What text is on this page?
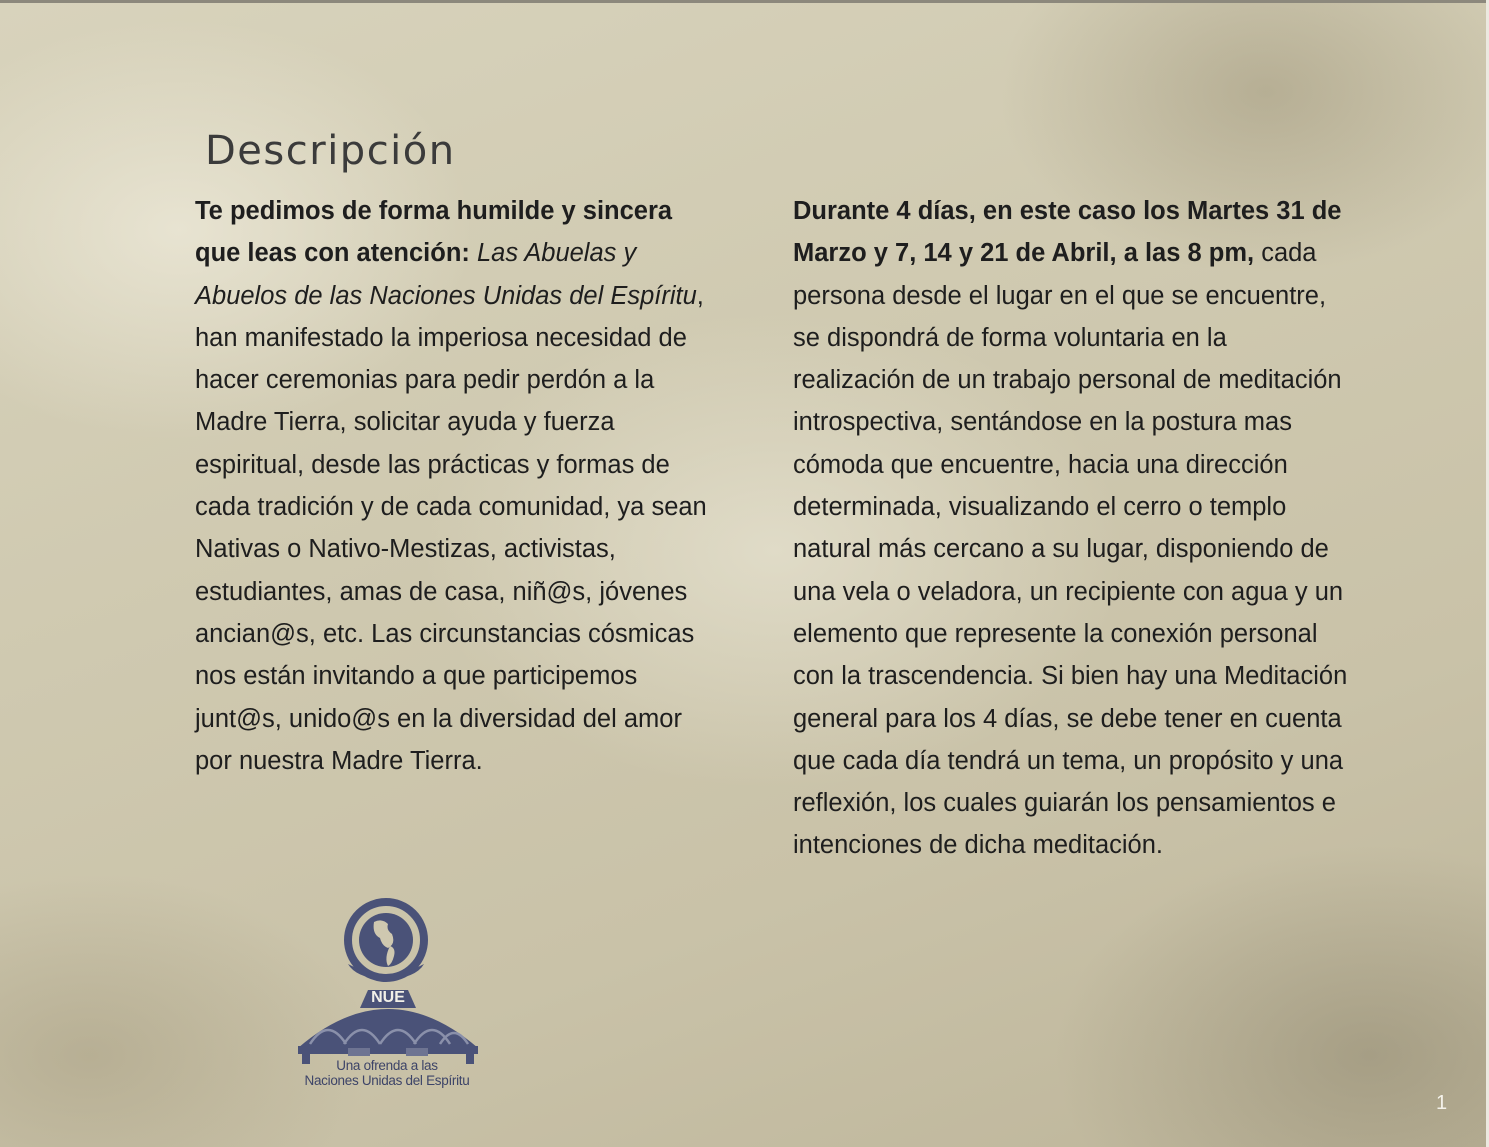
Descripción

Te pedimos de forma humilde y sincera que leas con atención: Las Abuelas y Abuelos de las Naciones Unidas del Espíritu, han manifestado la imperiosa necesidad de hacer ceremonias para pedir perdón a la Madre Tierra, solicitar ayuda y fuerza espiritual, desde las prácticas y formas de cada tradición y de cada comunidad, ya sean Nativas o Nativo-Mestizas, activistas, estudiantes, amas de casa, niñ@s, jóvenes ancian@s, etc. Las circunstancias cósmicas nos están invitando a que participemos junt@s, unido@s en la diversidad del amor por nuestra Madre Tierra.

Durante 4 días, en este caso los Martes 31 de Marzo y 7, 14 y 21 de Abril, a las 8 pm, cada persona desde el lugar en el que se encuentre, se dispondrá de forma voluntaria en la realización de un trabajo personal de meditación introspectiva, sentándose en la postura mas cómoda que encuentre, hacia una dirección determinada, visualizando el cerro o templo natural más cercano a su lugar, disponiendo de una vela o veladora, un recipiente con agua y un elemento que represente la conexión personal con la trascendencia. Si bien hay una Meditación general para los 4 días, se debe tener en cuenta que cada día tendrá un tema, un propósito y una reflexión, los cuales guiarán los pensamientos e intenciones de dicha meditación.

NUE
Una ofrenda a las
Naciones Unidas del Espíritu
1
